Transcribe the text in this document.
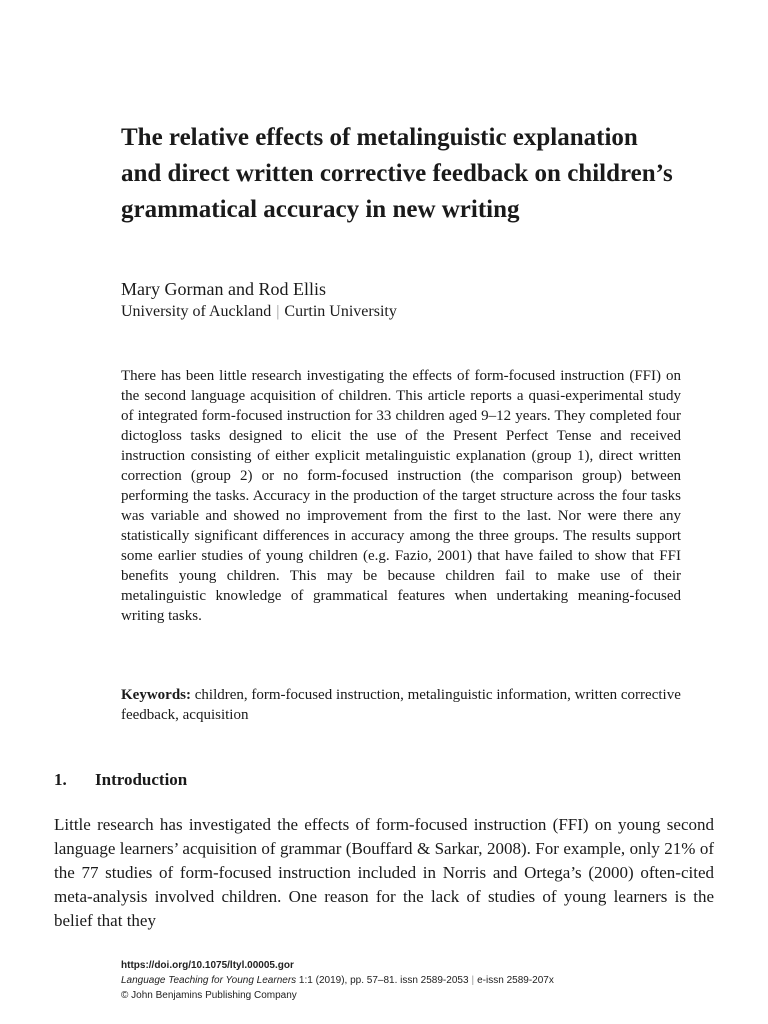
The relative effects of metalinguistic explanation and direct written corrective feedback on children’s grammatical accuracy in new writing

Mary Gorman and Rod Ellis

University of Auckland | Curtin University

There has been little research investigating the effects of form-focused instruction (FFI) on the second language acquisition of children. This article reports a quasi-experimental study of integrated form-focused instruction for 33 children aged 9–12 years. They completed four dictogloss tasks designed to elicit the use of the Present Perfect Tense and received instruction consisting of either explicit metalinguistic explanation (group 1), direct written correction (group 2) or no form-focused instruction (the comparison group) between performing the tasks. Accuracy in the production of the target structure across the four tasks was variable and showed no improvement from the first to the last. Nor were there any statistically significant differences in accuracy among the three groups. The results support some earlier studies of young children (e.g. Fazio, 2001) that have failed to show that FFI benefits young children. This may be because children fail to make use of their metalinguistic knowledge of grammatical features when undertaking meaning-focused writing tasks.

Keywords: children, form-focused instruction, metalinguistic information, written corrective feedback, acquisition

1. Introduction

Little research has investigated the effects of form-focused instruction (FFI) on young second language learners’ acquisition of grammar (Bouffard & Sarkar, 2008). For example, only 21% of the 77 studies of form-focused instruction included in Norris and Ortega’s (2000) often-cited meta-analysis involved children. One reason for the lack of studies of young learners is the belief that they

https://doi.org/10.1075/ltyl.00005.gor
Language Teaching for Young Learners 1:1 (2019), pp. 57–81. issn 2589-2053 | e-issn 2589-207x
© John Benjamins Publishing Company
